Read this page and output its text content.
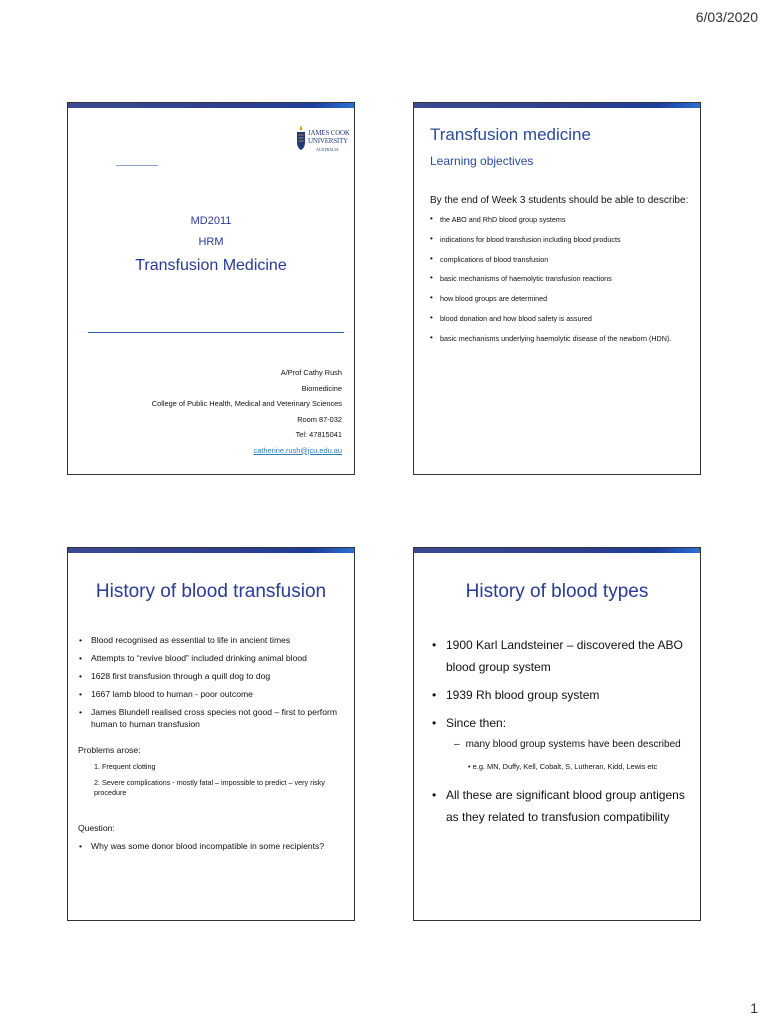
6/03/2020
JAMES COOK
UNIVERSITY
AUSTRALIA
MD2011
HRM
Transfusion Medicine
A/Prof Cathy Rush
Biomedicine
College of Public Health, Medical and Veterinary Sciences
Room 87-032
Tel: 47815041
catherine.rush@jcu.edu.au
Transfusion medicine
Learning objectives
By the end of Week 3 students should be able to describe:
• the ABO and RhD blood group systems
• indications for blood transfusion including blood products
• complications of blood transfusion
• basic mechanisms of haemolytic transfusion reactions
• how blood groups are determined
• blood donation and how blood safety is assured
• basic mechanisms underlying haemolytic disease of the newborn (HDN).
History of blood transfusion
• Blood recognised as essential to life in ancient times
• Attempts to “revive blood” included drinking animal blood
• 1628 first transfusion through a quill dog to dog
• 1667 lamb blood to human - poor outcome
• James Blundell realised cross species not good – first to perform human to human transfusion
Problems arose:
1. Frequent clotting
2. Severe complications - mostly fatal – impossible to predict – very risky procedure
Question:
• Why was some donor blood incompatible in some recipients?
History of blood types
• 1900 Karl Landsteiner – discovered the ABO blood group system
• 1939 Rh blood group system
• Since then:
– many blood group systems have been described
• e.g. MN, Duffy, Kell, Cobalt, S, Lutheran, Kidd, Lewis etc
• All these are significant blood group antigens as they related to transfusion compatibility
1
